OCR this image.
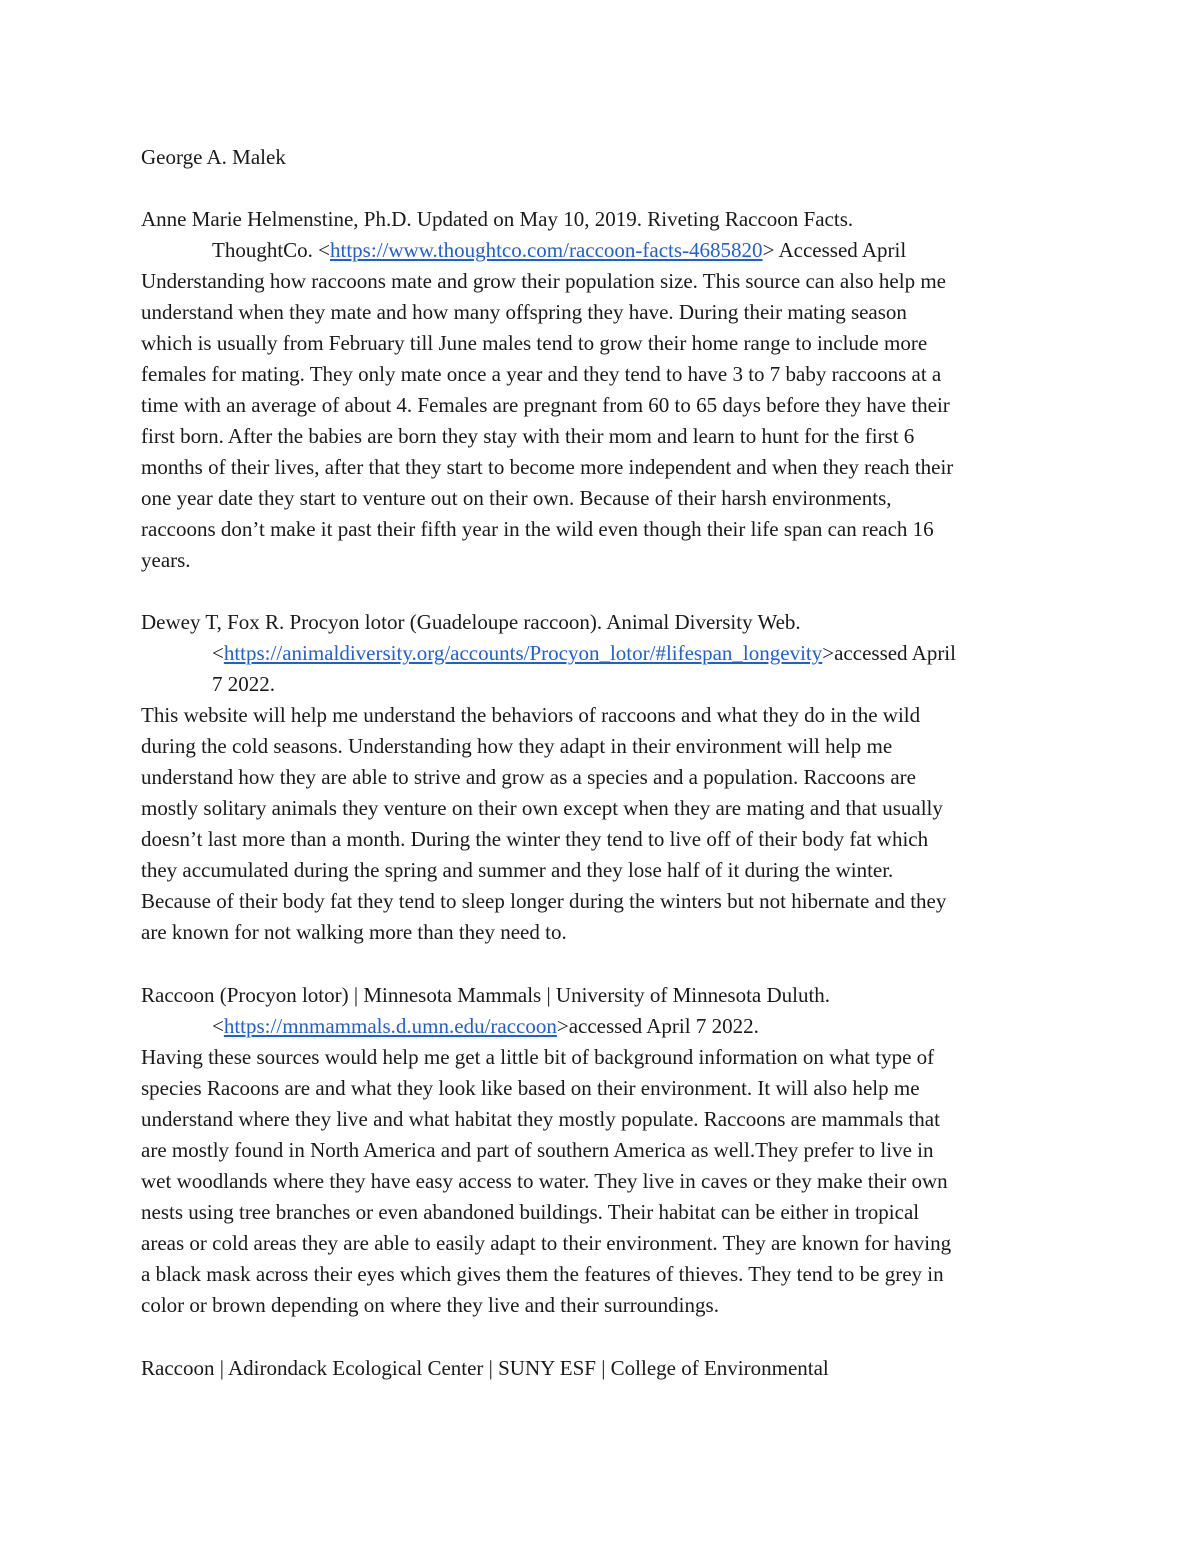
George A. Malek
Anne Marie Helmenstine, Ph.D. Updated on May 10, 2019. Riveting Raccoon Facts.
ThoughtCo. <https://www.thoughtco.com/raccoon-facts-4685820> Accessed April
Understanding how raccoons mate and grow their population size. This source can also help me
understand when they mate and how many offspring they have. During their mating season
which is usually from February till June males tend to grow their home range to include more
females for mating. They only mate once a year and they tend to have 3 to 7 baby raccoons at a
time with an average of about 4. Females are pregnant from 60 to 65 days before they have their
first born. After the babies are born they stay with their mom and learn to hunt for the first 6
months of their lives, after that they start to become more independent and when they reach their
one year date they start to venture out on their own. Because of their harsh environments,
raccoons don’t make it past their fifth year in the wild even though their life span can reach 16
years.
Dewey T, Fox R. Procyon lotor (Guadeloupe raccoon). Animal Diversity Web.
<https://animaldiversity.org/accounts/Procyon_lotor/#lifespan_longevity>accessed April
7 2022.
This website will help me understand the behaviors of raccoons and what they do in the wild
during the cold seasons. Understanding how they adapt in their environment will help me
understand how they are able to strive and grow as a species and a population. Raccoons are
mostly solitary animals they venture on their own except when they are mating and that usually
doesn’t last more than a month. During the winter they tend to live off of their body fat which
they accumulated during the spring and summer and they lose half of it during the winter.
Because of their body fat they tend to sleep longer during the winters but not hibernate and they
are known for not walking more than they need to.
Raccoon (Procyon lotor) | Minnesota Mammals | University of Minnesota Duluth.
<https://mnmammals.d.umn.edu/raccoon>accessed April 7 2022.
Having these sources would help me get a little bit of background information on what type of
species Racoons are and what they look like based on their environment. It will also help me
understand where they live and what habitat they mostly populate. Raccoons are mammals that
are mostly found in North America and part of southern America as well.They prefer to live in
wet woodlands where they have easy access to water. They live in caves or they make their own
nests using tree branches or even abandoned buildings. Their habitat can be either in tropical
areas or cold areas they are able to easily adapt to their environment. They are known for having
a black mask across their eyes which gives them the features of thieves. They tend to be grey in
color or brown depending on where they live and their surroundings.
Raccoon | Adirondack Ecological Center | SUNY ESF | College of Environmental
